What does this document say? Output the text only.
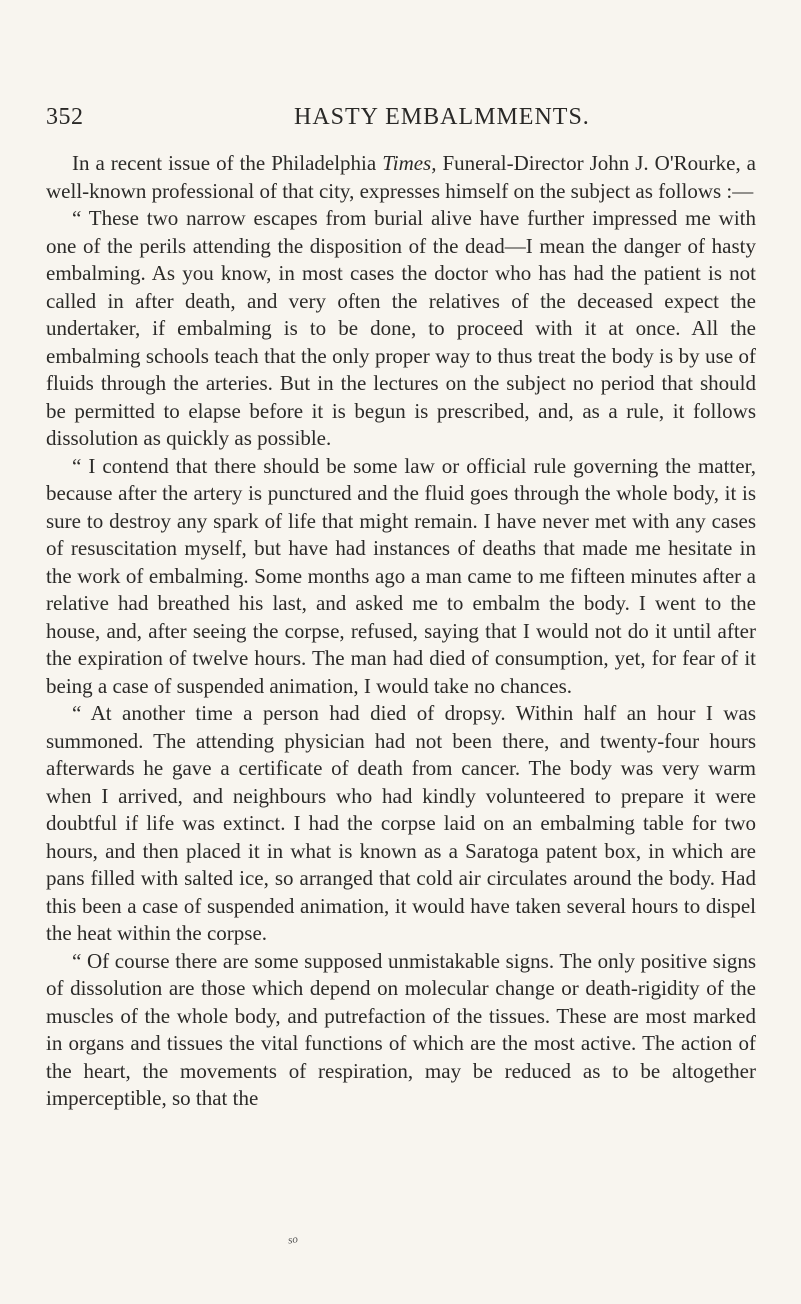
352	HASTY EMBALMMENTS.

In a recent issue of the Philadelphia Times, Funeral-Director John J. O'Rourke, a well-known professional of that city, expresses himself on the subject as follows :—

“ These two narrow escapes from burial alive have further impressed me with one of the perils attending the disposition of the dead—I mean the danger of hasty embalming. As you know, in most cases the doctor who has had the patient is not called in after death, and very often the relatives of the deceased expect the undertaker, if embalming is to be done, to proceed with it at once. All the embalming schools teach that the only proper way to thus treat the body is by use of fluids through the arteries. But in the lectures on the subject no period that should be permitted to elapse before it is begun is prescribed, and, as a rule, it follows dissolution as quickly as possible.

“ I contend that there should be some law or official rule governing the matter, because after the artery is punctured and the fluid goes through the whole body, it is sure to destroy any spark of life that might remain. I have never met with any cases of resuscitation myself, but have had instances of deaths that made me hesitate in the work of embalming. Some months ago a man came to me fifteen minutes after a relative had breathed his last, and asked me to embalm the body. I went to the house, and, after seeing the corpse, refused, saying that I would not do it until after the expiration of twelve hours. The man had died of consumption, yet, for fear of it being a case of suspended animation, I would take no chances.

“ At another time a person had died of dropsy. Within half an hour I was summoned. The attending physician had not been there, and twenty-four hours afterwards he gave a certificate of death from cancer. The body was very warm when I arrived, and neighbours who had kindly volunteered to prepare it were doubtful if life was extinct. I had the corpse laid on an embalming table for two hours, and then placed it in what is known as a Saratoga patent box, in which are pans filled with salted ice, so arranged that cold air circulates around the body. Had this been a case of suspended animation, it would have taken several hours to dispel the heat within the corpse.

“ Of course there are some supposed unmistakable signs. The only positive signs of dissolution are those which depend on molecular change or death-rigidity of the muscles of the whole body, and putrefaction of the tissues. These are most marked in organs and tissues the vital functions of which are the most active. The action of the heart, the movements of respiration, may be reduced as to be altogether imperceptible, so that the

so
